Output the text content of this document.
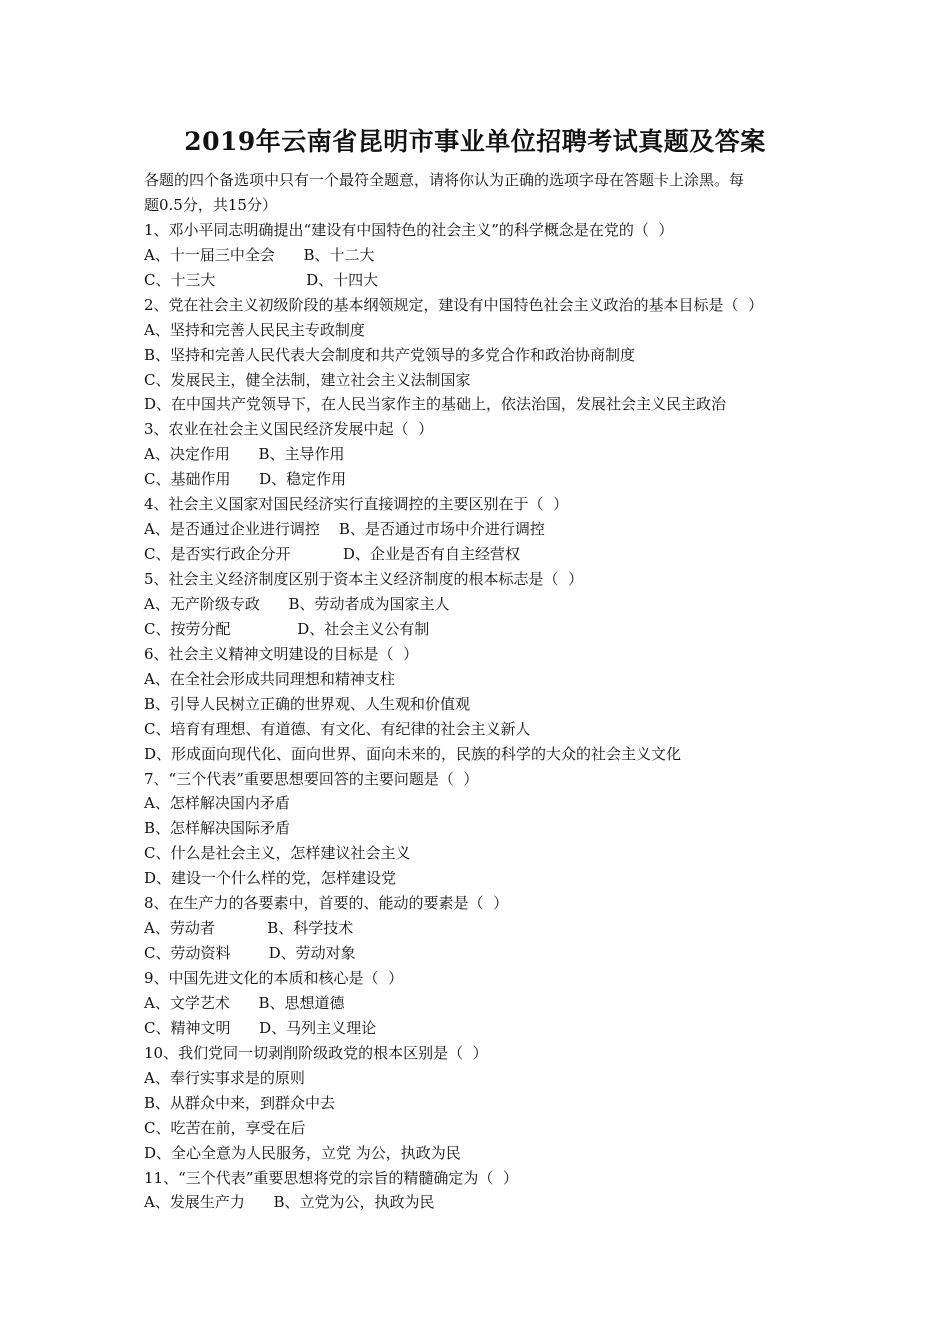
2019年云南省昆明市事业单位招聘考试真题及答案
各题的四个备选项中只有一个最符全题意，请将你认为正确的选项字母在答题卡上涂黑。每
题0.5分，共15分）
1、邓小平同志明确提出“建设有中国特色的社会主义”的科学概念是在党的（  ）
A、十一届三中全会      B、十二大
C、十三大                   D、十四大
2、党在社会主义初级阶段的基本纲领规定，建设有中国特色社会主义政治的基本目标是（  ）
A、坚持和完善人民民主专政制度
B、坚持和完善人民代表大会制度和共产党领导的多党合作和政治协商制度
C、发展民主，健全法制，建立社会主义法制国家
D、在中国共产党领导下，在人民当家作主的基础上，依法治国，发展社会主义民主政治
3、农业在社会主义国民经济发展中起（  ）
A、决定作用      B、主导作用
C、基础作用      D、稳定作用
4、社会主义国家对国民经济实行直接调控的主要区别在于（  ）
A、是否通过企业进行调控    B、是否通过市场中介进行调控
C、是否实行政企分开           D、企业是否有自主经营权
5、社会主义经济制度区别于资本主义经济制度的根本标志是（  ）
A、无产阶级专政      B、劳动者成为国家主人
C、按劳分配              D、社会主义公有制
6、社会主义精神文明建设的目标是（  ）
A、在全社会形成共同理想和精神支柱
B、引导人民树立正确的世界观、人生观和价值观
C、培育有理想、有道德、有文化、有纪律的社会主义新人
D、形成面向现代化、面向世界、面向未来的，民族的科学的大众的社会主义文化
7、“三个代表”重要思想要回答的主要问题是（  ）
A、怎样解决国内矛盾
B、怎样解决国际矛盾
C、什么是社会主义，怎样建议社会主义
D、建设一个什么样的党，怎样建设党
8、在生产力的各要素中，首要的、能动的要素是（  ）
A、劳动者           B、科学技术
C、劳动资料        D、劳动对象
9、中国先进文化的本质和核心是（  ）
A、文学艺术      B、思想道德
C、精神文明      D、马列主义理论
10、我们党同一切剥削阶级政党的根本区别是（  ）
A、奉行实事求是的原则
B、从群众中来，到群众中去
C、吃苦在前，享受在后
D、全心全意为人民服务，立党 为公，执政为民
11、“三个代表”重要思想将党的宗旨的精髓确定为（  ）
A、发展生产力      B、立党为公，执政为民
